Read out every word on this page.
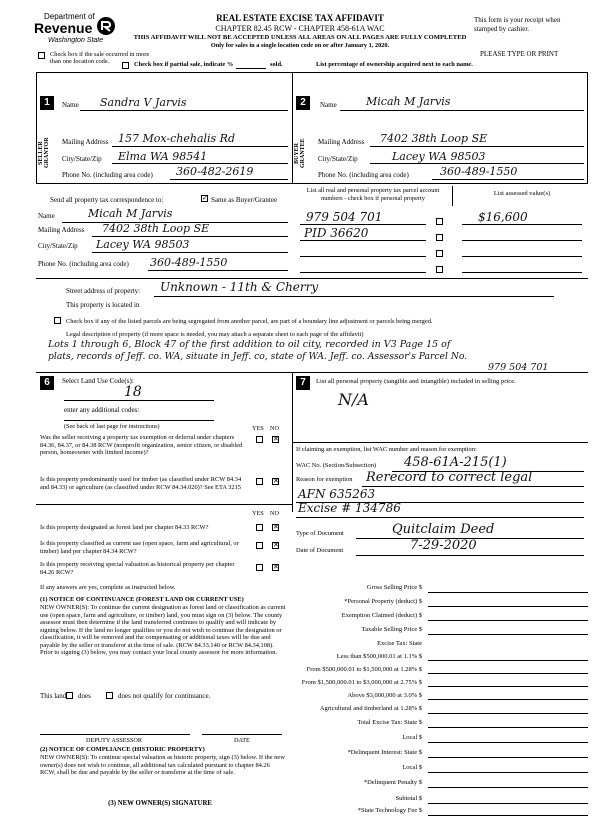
Department of
Revenue
Washington State
REAL ESTATE EXCISE TAX AFFIDAVIT
CHAPTER 82.45 RCW - CHAPTER 458-61A WAC
THIS AFFIDAVIT WILL NOT BE ACCEPTED UNLESS ALL AREAS ON ALL PAGES ARE FULLY COMPLETED
Only for sales in a single location code on or after January 1, 2020.
This form is your receipt when stamped by cashier.
PLEASE TYPE OR PRINT
Check box if the sale occurred in more than one location code.	Check box if partial sale, indicate %	sold.	List percentage of ownership acquired next to each name.
1
SELLER GRANTOR
Name Sandra V Jarvis
Mailing Address 157 Mox-chehalis Rd
City/State/Zip Elma WA 98541
Phone No. (including area code) 360-482-2619
2
BUYER GRANTEE
Name	Micah M Jarvis
Mailing Address 7402 38th Loop SE
City/State/Zip	Lacey WA 98503
Phone No. (including area code)	360-489-1550
Send all property tax correspondence to:	✓ Same as Buyer/Grantee
Name	Micah M Jarvis
Mailing Address 7402 38th Loop SE
City/State/Zip Lacey WA 98503
Phone No. (including area code) 360-489-1550
List all real and personal property tax parcel account numbers - check box if personal property
List assessed value(s)
979 504 701	$16,600
PID 36620
Street address of property: Unknown - 11th & Cherry
This property is located in
Check box if any of the listed parcels are being segregated from another parcel, are part of a boundary line adjustment or parcels being merged.
Legal description of property (if more space is needed, you may attach a separate sheet to each page of the affidavit)
Lots 1 through 6, Block 47 of the first addition to oil city, recorded in V3 Page 15 of
plats, records of Jeff. co. WA, situate in Jeff. co, state of WA. Jeff. co. Assessor's Parcel No.
979 504 701
6	Select Land Use Code(s):
18
enter any additional codes:
(See back of last page for instructions)	YES NO
Was the seller receiving a property tax exemption or deferral under chapters 84.36, 84.37, or 84.38 RCW (nonprofit organization, senior citizen, or disabled person, homeowner with limited income)?
✕
Is this property predominantly used for timber (as classified under RCW 84.34 and 84.33) or agriculture (as classified under RCW 84.34.020)? See ETA 3215
✕
YES NO
Is this property designated as forest land per chapter 84.33 RCW?	✕
Is this property classified as current use (open space, farm and agricultural, or timber) land per chapter 84.34 RCW?
✕
Is this property receiving special valuation as historical property per chapter 84.26 RCW?
✕
If any answers are yes, complete as instructed below.
(1) NOTICE OF CONTINUANCE (FOREST LAND OR CURRENT USE)
NEW OWNER(S): To continue the current designation as forest land or classification as current use (open space, farm and agriculture, or timber) land, you must sign on (3) below. The county assessor must then determine if the land transferred continues to qualify and will indicate by signing below. If the land no longer qualifies or you do not wish to continue the designation or classification, it will be removed and the compensating or additional taxes will be due and payable by the seller or transferor at the time of sale. (RCW 84.33.140 or RCW 84.34.108). Prior to signing (3) below, you may contact your local county assessor for more information.
This land does	does not qualify for continuance.
DEPUTY ASSESSOR	DATE
(2) NOTICE OF COMPLIANCE (HISTORIC PROPERTY)
NEW OWNER(S): To continue special valuation as historic property, sign (3) below. If the new owner(s) does not wish to continue, all additional tax calculated pursuant to chapter 84.26 RCW, shall be due and payable by the seller or transferor at the time of sale.
(3) NEW OWNER(S) SIGNATURE
7	List all personal property (tangible and intangible) included in selling price.
N/A
If claiming an exemption, list WAC number and reason for exemption:
WAC No. (Section/Subsection) 458-61A-215(1)
Reason for exemption Rerecord to correct legal
AFN 635263
Excise # 134786
Type of Document	Quitclaim Deed
Date of Document	7-29-2020
Gross Selling Price $
*Personal Property (deduct) $
Exemption Claimed (deduct) $
Taxable Selling Price $
Excise Tax: State
Less than $500,000.01 at 1.1% $
From $500,000.01 to $1,500,000 at 1.28% $
From $1,500,000.01 to $3,000,000 at 2.75% $
Above $3,000,000 at 3.0% $
Agricultural and timberland at 1.28% $
Total Excise Tax: State $
Local $
*Delinquent Interest: State $
Local $
*Delinquent Penalty $
Subtotal $
*State Technology Fee $
